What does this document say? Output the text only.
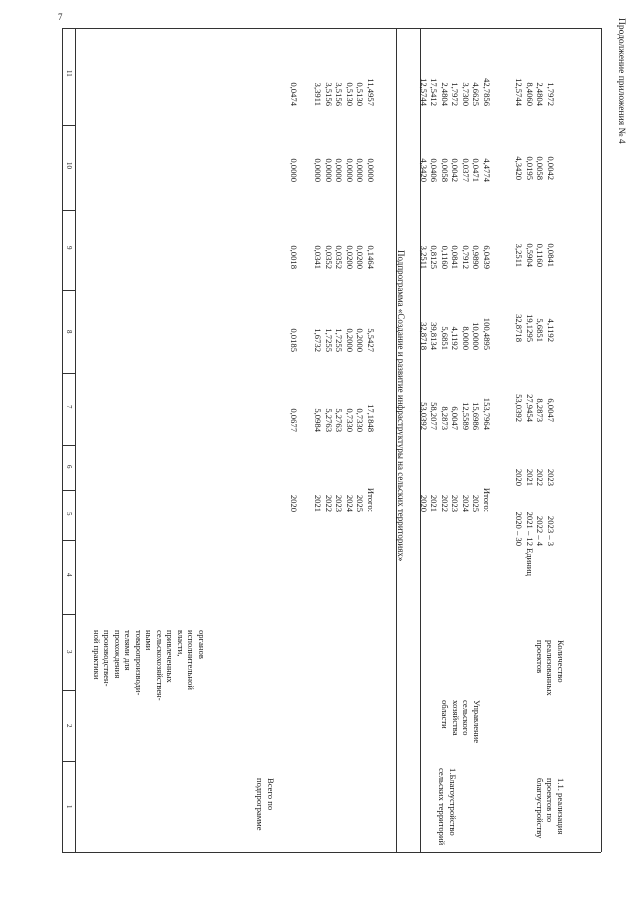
7
Продолжение приложения № 4
1
2
3
4
5
6
7
8
9
10
11
органов
исполнительной
власти,
привлеченных
сельскохозяйствен-
ными
товаропроизводи-
телями для
прохождения
производствен-
ной практики
Итого:
2025
2024
2023
2022
2021
2020
17,1848
0,7330
0,7330
5,2763
5,2763
5,0984
0,0677
5,5427
0,2000
0,2000
1,7255
1,7255
1,6732
0,0185
0,1464
0,0200
0,0200
0,0352
0,0352
0,0341
0,0018
0,0000
0,0000
0,0000
0,0000
0,0000
0,0000
0,0000
11,4957
0,5130
0,5130
3,5156
3,5156
3,3911
0,0474
Всего по
подпрограмме
Подпрограмма «Создание и развитие инфраструктуры на сельских территориях»
1.Благоустройство
сельских территорий
Управление
сельского
хозяйства
области
Итого:
2025
2024
2023
2022
2021
2020
153,7964
15,6986
12,5589
6,0047
8,2873
58,2077
53,0392
100,4895
10,0000
8,0000
4,1192
5,6851
39,8134
32,8718
6,0439
0,9890
0,7912
0,0841
0,1160
0,8125
3,2511
4,4774
0,0471
0,0377
0,0042
0,0058
0,0406
4,3420
42,7856
4,6625
3,7300
1,7972
2,4804
17,5412
12,5744
1.1. реализация
проектов по
благоустройству
Количество
реализованных
проектов
Единиц
2023 – 3
2022 – 4
2021 – 12
2020 – 30
2023
2022
2021
2020
6,0047
8,2873
27,9454
53,0392
4,1192
5,6851
19,1295
32,8718
0,0841
0,1160
0,5904
3,2511
0,0042
0,0058
0,0195
4,3420
1,7972
2,4804
8,4060
12,5744
